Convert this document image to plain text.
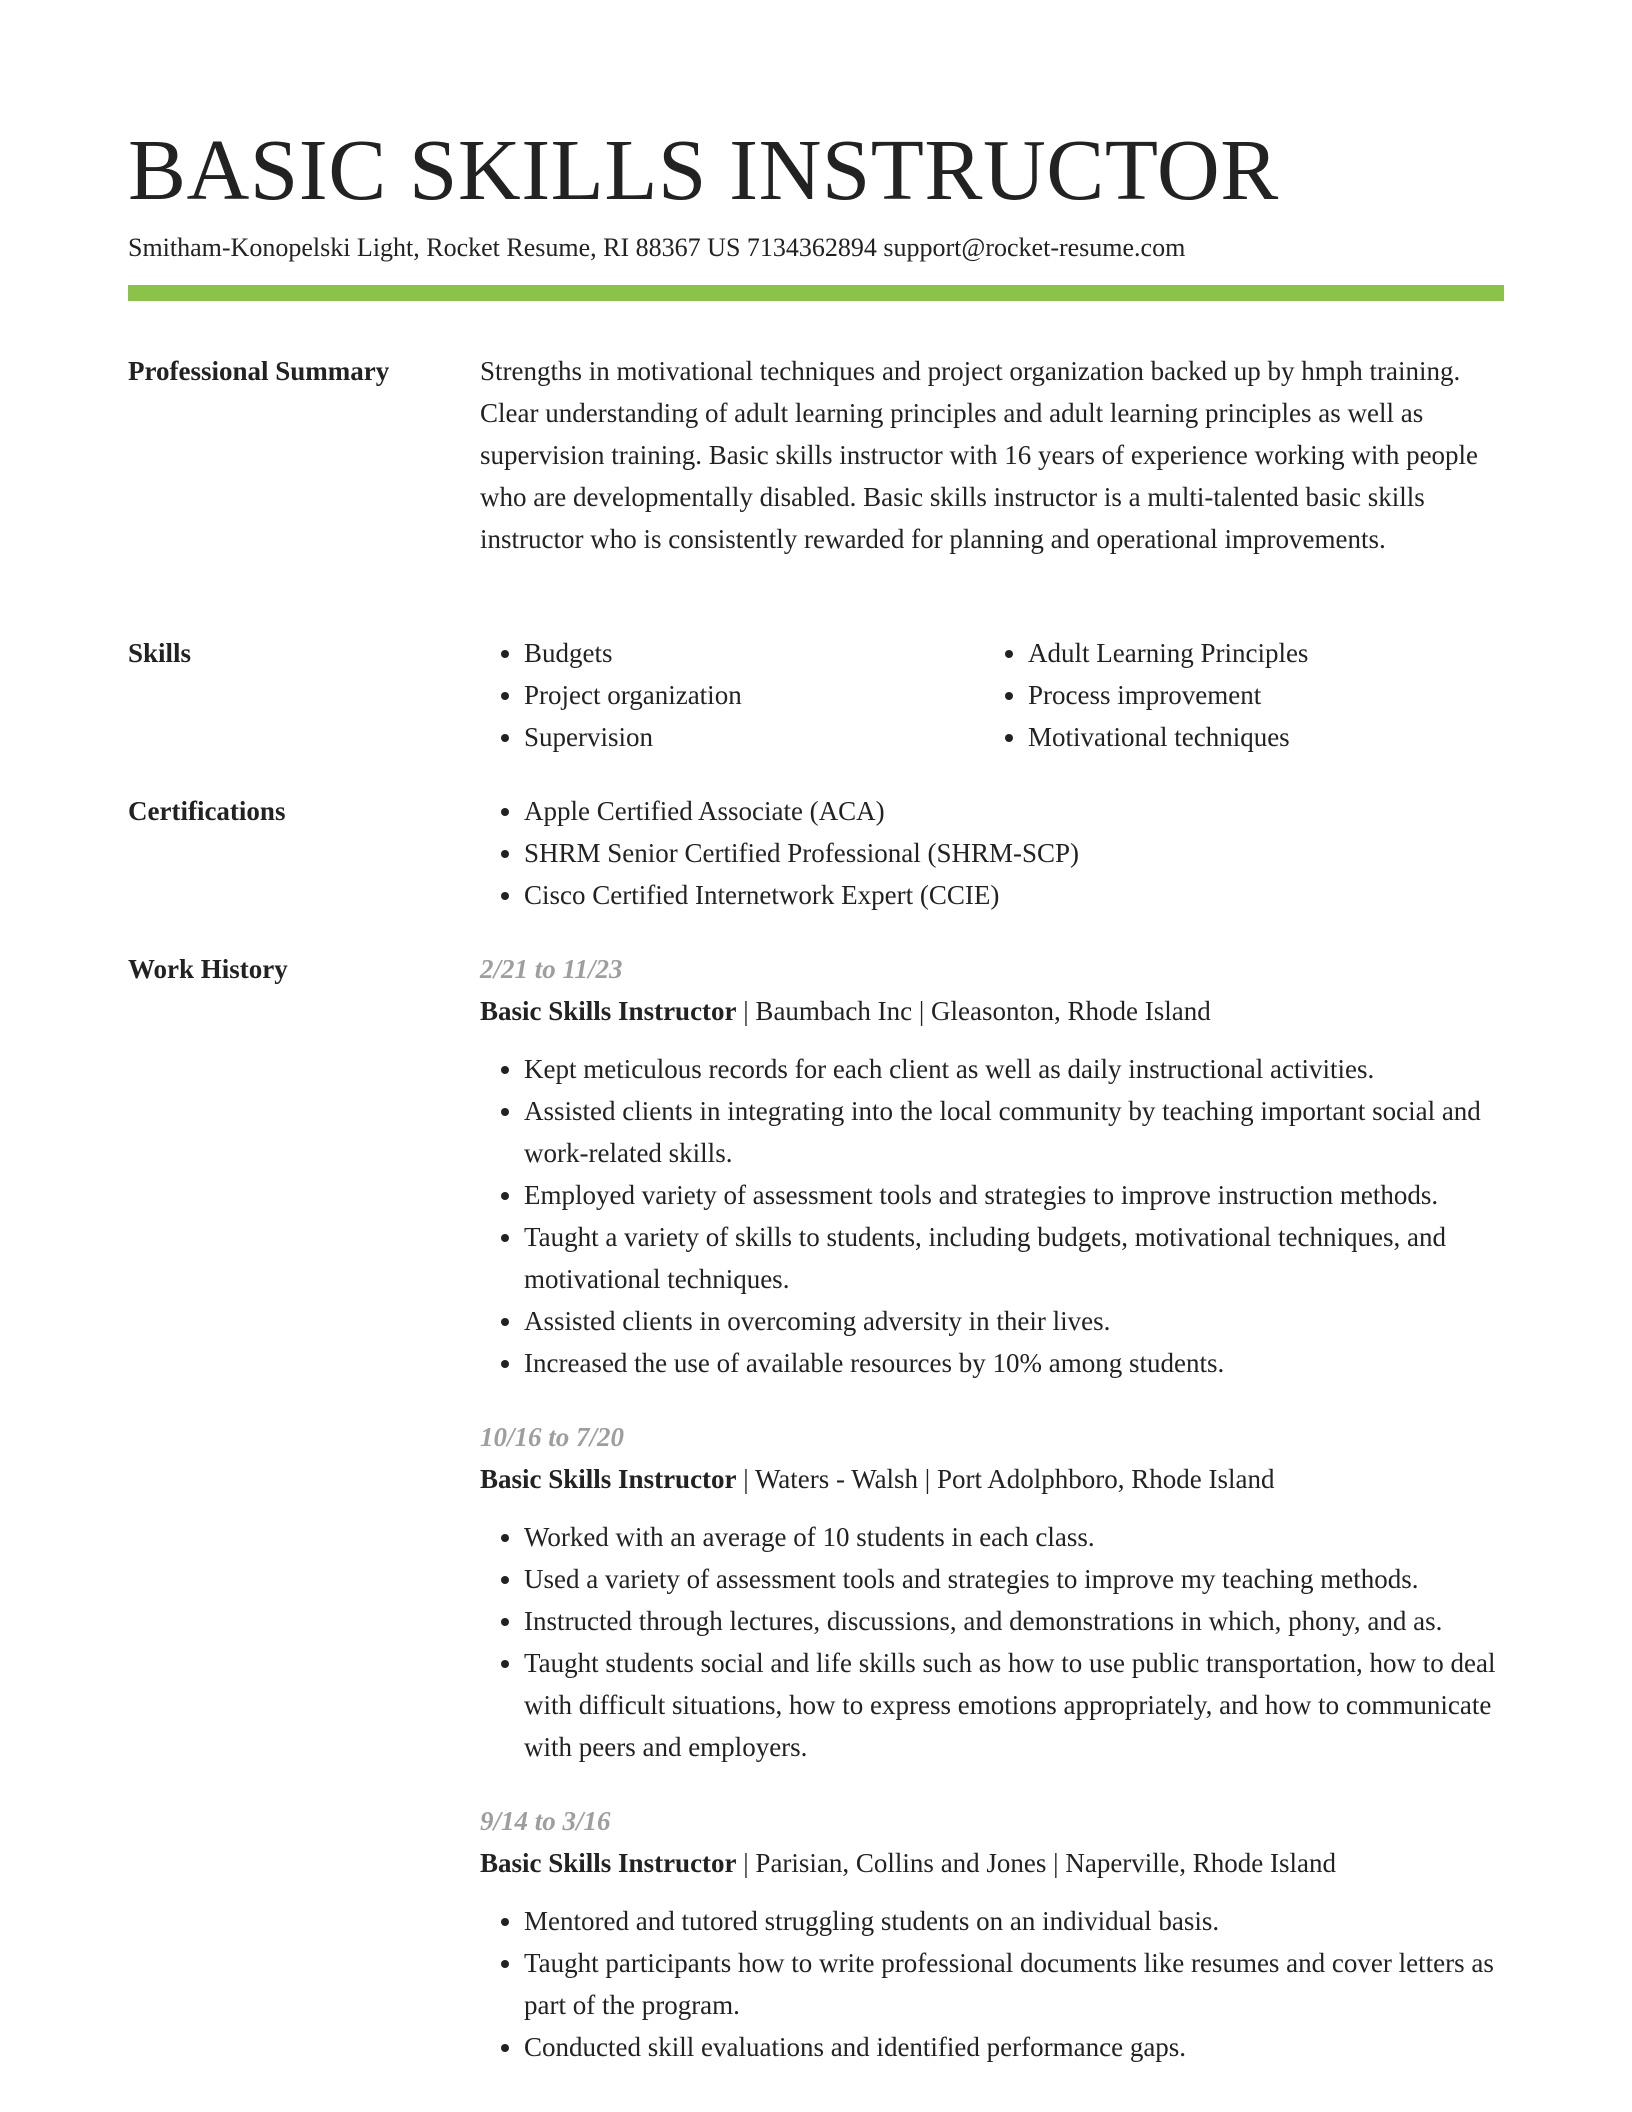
BASIC SKILLS INSTRUCTOR
Smitham-Konopelski Light, Rocket Resume, RI 88367 US 7134362894 support@rocket-resume.com
Professional Summary	Strengths in motivational techniques and project organization backed up by hmph training. Clear understanding of adult learning principles and adult learning principles as well as supervision training. Basic skills instructor with 16 years of experience working with people who are developmentally disabled. Basic skills instructor is a multi-talented basic skills instructor who is consistently rewarded for planning and operational improvements.

Skills	• Budgets
• Project organization
• Supervision
• Adult Learning Principles
• Process improvement
• Motivational techniques
Certifications	• Apple Certified Associate (ACA)
• SHRM Senior Certified Professional (SHRM-SCP)
• Cisco Certified Internetwork Expert (CCIE)
Work History	2/21 to 11/23
Basic Skills Instructor | Baumbach Inc | Gleasonton, Rhode Island
• Kept meticulous records for each client as well as daily instructional activities.
• Assisted clients in integrating into the local community by teaching important social and work-related skills.
• Employed variety of assessment tools and strategies to improve instruction methods.
• Taught a variety of skills to students, including budgets, motivational techniques, and motivational techniques.
• Assisted clients in overcoming adversity in their lives.
• Increased the use of available resources by 10% among students.
10/16 to 7/20
Basic Skills Instructor | Waters - Walsh | Port Adolphboro, Rhode Island
• Worked with an average of 10 students in each class.
• Used a variety of assessment tools and strategies to improve my teaching methods.
• Instructed through lectures, discussions, and demonstrations in which, phony, and as.
• Taught students social and life skills such as how to use public transportation, how to deal with difficult situations, how to express emotions appropriately, and how to communicate with peers and employers.
9/14 to 3/16
Basic Skills Instructor | Parisian, Collins and Jones | Naperville, Rhode Island
• Mentored and tutored struggling students on an individual basis.
• Taught participants how to write professional documents like resumes and cover letters as part of the program.
• Conducted skill evaluations and identified performance gaps.
